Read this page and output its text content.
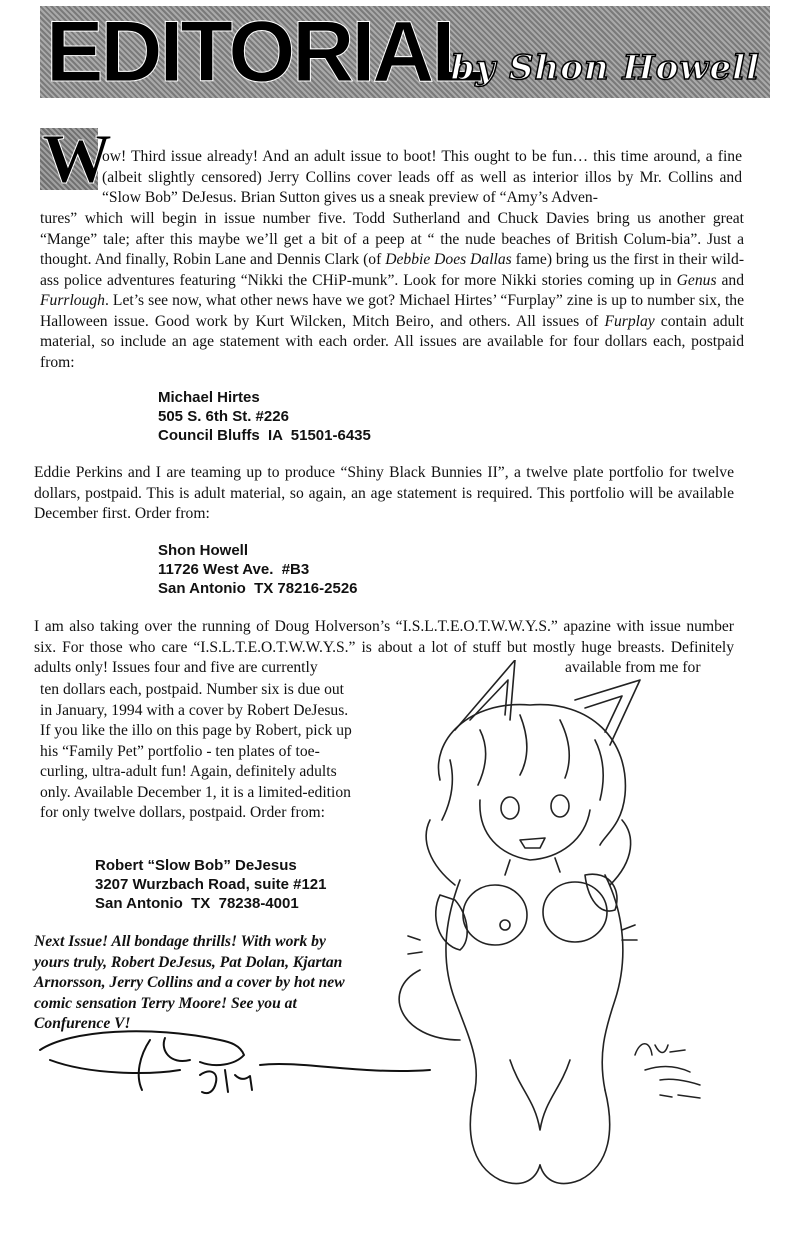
EDITORIAL
by Shon Howell
W
ow! Third issue already! And an adult issue to boot! This ought to be fun… this time around, a fine (albeit slightly censored) Jerry Collins cover leads off as well as interior illos by Mr. Collins and “Slow Bob” DeJesus. Brian Sutton gives us a sneak preview of “Amy’s Adven-
tures” which will begin in issue number five. Todd Sutherland and Chuck Davies bring us another great “Mange” tale; after this maybe we’ll get a bit of a peep at “ the nude beaches of British Colum-bia”. Just a thought. And finally, Robin Lane and Dennis Clark (of Debbie Does Dallas fame) bring us the first in their wild-ass police adventures featuring “Nikki the CHiP-munk”. Look for more Nikki stories coming up in Genus and Furrlough. Let’s see now, what other news have we got? Michael Hirtes’ “Furplay” zine is up to number six, the Halloween issue. Good work by Kurt Wilcken, Mitch Beiro, and others. All issues of Furplay contain adult material, so include an age statement with each order. All issues are available for four dollars each, postpaid from:
Michael Hirtes
505 S. 6th St. #226
Council Bluffs  IA  51501-6435
Eddie Perkins and I are teaming up to produce “Shiny Black Bunnies II”, a twelve plate portfolio for twelve dollars, postpaid. This is adult material, so again, an age statement is required. This portfolio will be available December first. Order from:
Shon Howell
11726 West Ave.  #B3
San Antonio  TX 78216-2526
I am also taking over the running of Doug Holverson’s “I.S.L.T.E.O.T.W.W.Y.S.” apazine with issue number six. For those who care “I.S.L.T.E.O.T.W.W.Y.S.” is about a lot of stuff but mostly huge breasts. Definitely adults only! Issues four and five are currently	available from me for
ten dollars each, postpaid. Number six is due out in January, 1994 with a cover by Robert DeJesus. If you like the illo on this page by Robert, pick up his “Family Pet” portfolio - ten plates of toe-curling, ultra-adult fun! Again, definitely adults only. Available December 1, it is a limited-edition for only twelve dollars, postpaid. Order from:
Robert “Slow Bob” DeJesus
3207 Wurzbach Road, suite #121
San Antonio  TX  78238-4001
Next Issue! All bondage thrills! With work by yours truly, Robert DeJesus, Pat Dolan, Kjartan Arnorsson, Jerry Collins and a cover by hot new comic sensation Terry Moore! See you at Confurence V!
